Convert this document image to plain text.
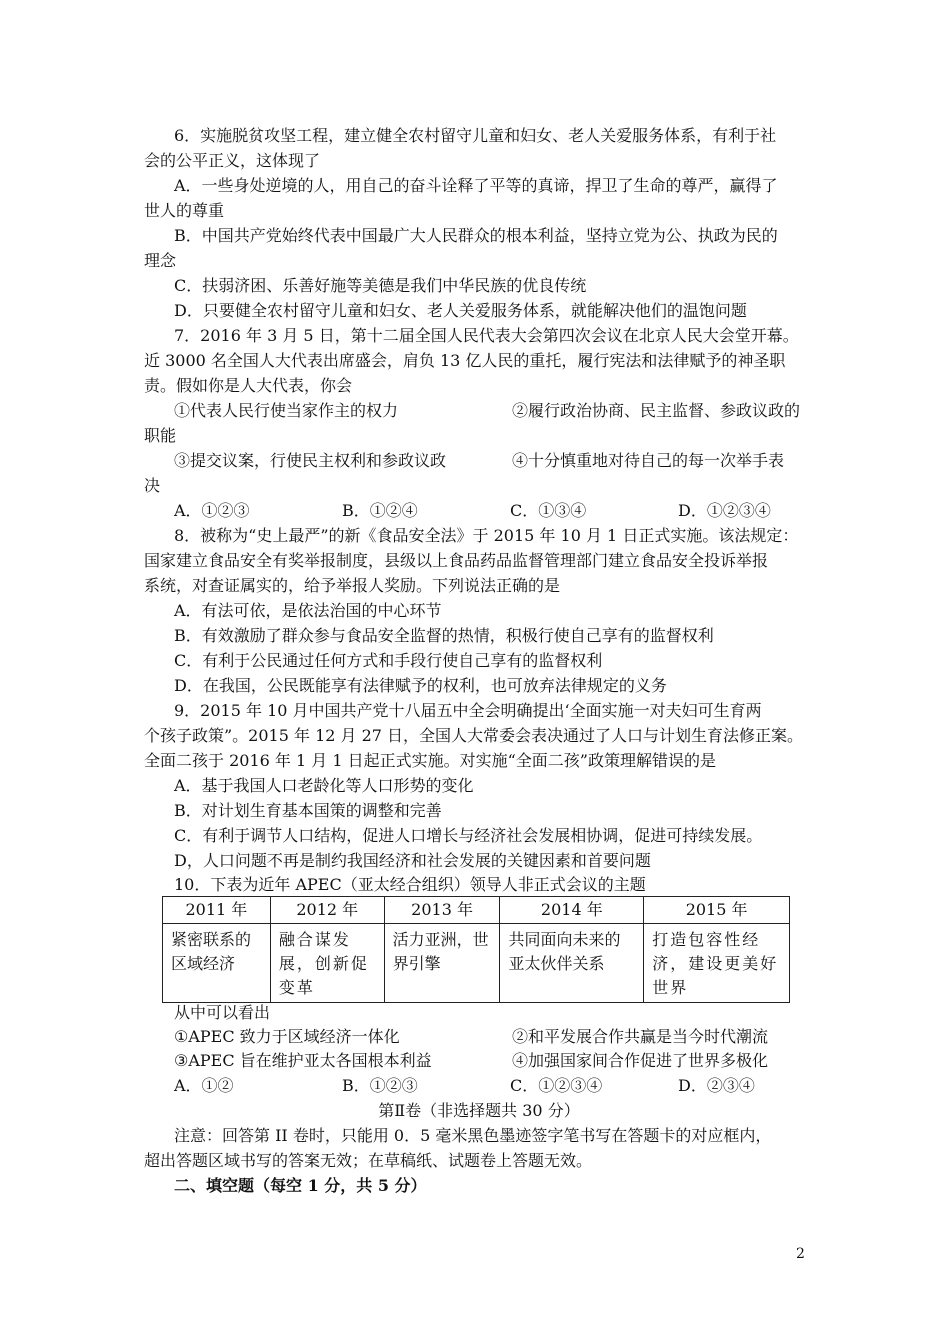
6．实施脱贫攻坚工程，建立健全农村留守儿童和妇女、老人关爱服务体系，有利于社
会的公平正义，这体现了
A．一些身处逆境的人，用自己的奋斗诠释了平等的真谛，捍卫了生命的尊严，赢得了
世人的尊重
B．中国共产党始终代表中国最广大人民群众的根本利益，坚持立党为公、执政为民的
理念
C．扶弱济困、乐善好施等美德是我们中华民族的优良传统
D．只要健全农村留守儿童和妇女、老人关爱服务体系，就能解决他们的温饱问题
7．2016 年 3 月 5 日，第十二届全国人民代表大会第四次会议在北京人民大会堂开幕。
近 3000 名全国人大代表出席盛会，肩负 13 亿人民的重托，履行宪法和法律赋予的神圣职
责。假如你是人大代表，你会
①代表人民行使当家作主的权力	②履行政治协商、民主监督、参政议政的
职能
③提交议案，行使民主权利和参政议政	④十分慎重地对待自己的每一次举手表
决
A．①②③	B．①②④	C．①③④	D．①②③④
8．被称为“史上最严”的新《食品安全法》于 2015 年 10 月 1 日正式实施。该法规定：
国家建立食品安全有奖举报制度，县级以上食品药品监督管理部门建立食品安全投诉举报
系统，对查证属实的，给予举报人奖励。下列说法正确的是
A．有法可依，是依法治国的中心环节
B．有效激励了群众参与食品安全监督的热情，积极行使自己享有的监督权利
C．有利于公民通过任何方式和手段行使自己享有的监督权利
D．在我国，公民既能享有法律赋予的权利，也可放弃法律规定的义务
9．2015 年 10 月中国共产党十八届五中全会明确提出‘全面实施一对夫妇可生育两
个孩子政策”。2015 年 12 月 27 日，全国人大常委会表决通过了人口与计划生育法修正案。
全面二孩于 2016 年 1 月 1 日起正式实施。对实施“全面二孩”政策理解错误的是
A．基于我国人口老龄化等人口形势的变化
B．对计划生育基本国策的调整和完善
C．有利于调节人口结构，促进人口增长与经济社会发展相协调，促进可持续发展。
D，人口问题不再是制约我国经济和社会发展的关键因素和首要问题
10．下表为近年 APEC（亚太经合组织）领导人非正式会议的主题
2011 年	2012 年	2013 年	2014 年	2015 年
紧密联系的区域经济	融合谋发展，创新促变革	活力亚洲，世界引擎	共同面向未来的亚太伙伴关系	打造包容性经济，建设更美好世界
从中可以看出
①APEC 致力于区域经济一体化	②和平发展合作共赢是当今时代潮流
③APEC 旨在维护亚太各国根本利益	④加强国家间合作促进了世界多极化
A．①②	B．①②③	C．①②③④	D．②③④
第Ⅱ卷（非选择题共 30 分）
注意：回答第 II 卷时，只能用 0．5 毫米黑色墨迹签字笔书写在答题卡的对应框内，
超出答题区域书写的答案无效；在草稿纸、试题卷上答题无效。
二、填空题（每空 1 分，共 5 分）
2
